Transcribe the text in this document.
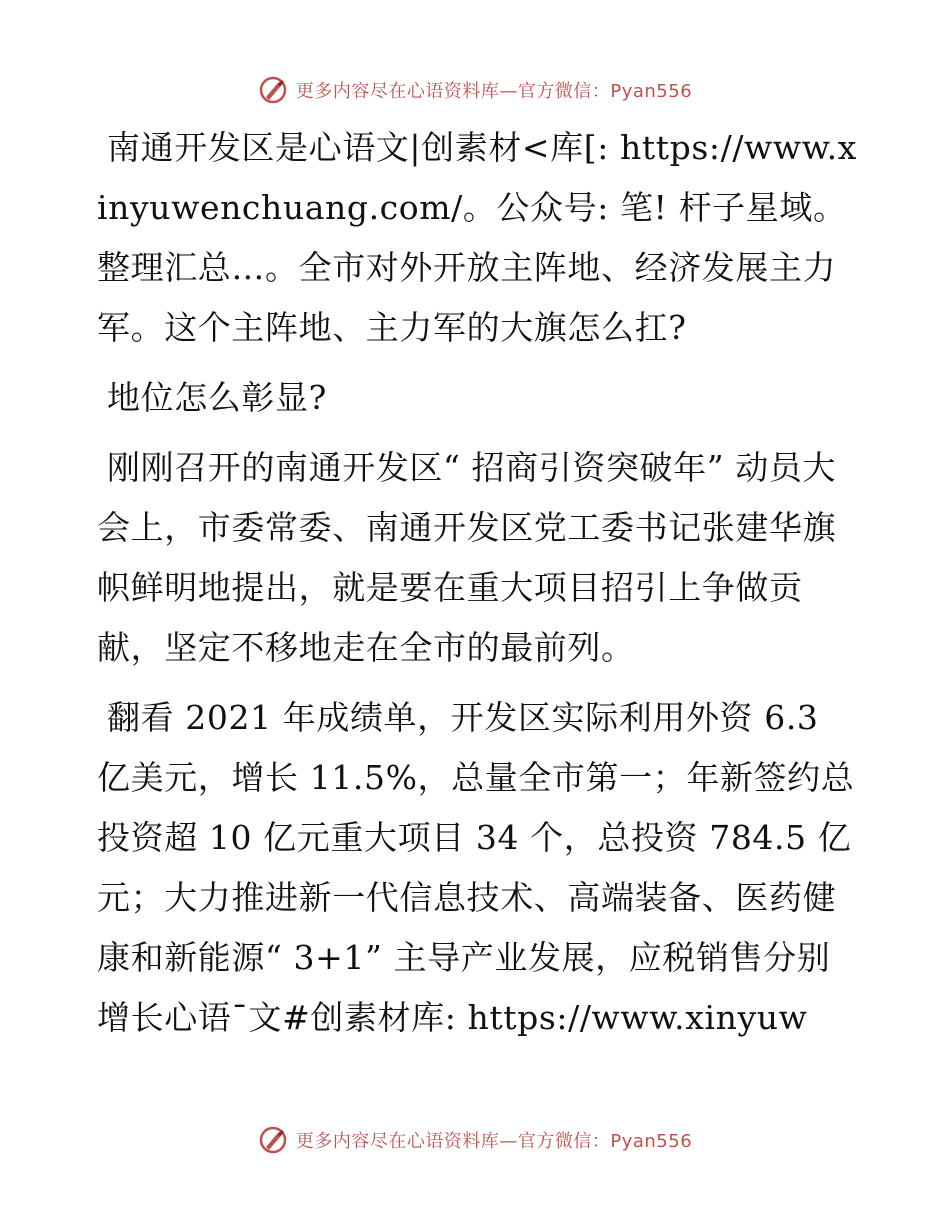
更多内容尽在心语资料库—官方微信：Pyan556

南通开发区是心语文|创素材<库[: https://www.xinyuwenchuang.com/。公众号: 笔! 杆子星域。整理汇总…。全市对外开放主阵地、经济发展主力军。这个主阵地、主力军的大旗怎么扛?

地位怎么彰显?

刚刚召开的南通开发区“ 招商引资突破年” 动员大会上，市委常委、南通开发区党工委书记张建华旗帜鲜明地提出，就是要在重大项目招引上争做贡献，坚定不移地走在全市的最前列。

翻看 2021 年成绩单，开发区实际利用外资 6.3 亿美元，增长 11.5%，总量全市第一；年新签约总投资超 10 亿元重大项目 34 个，总投资 784.5 亿元；大力推进新一代信息技术、高端装备、医药健康和新能源“ 3+1” 主导产业发展，应税销售分别增长心语¯文#创素材库: https://www.xinyuw

更多内容尽在心语资料库—官方微信：Pyan556
